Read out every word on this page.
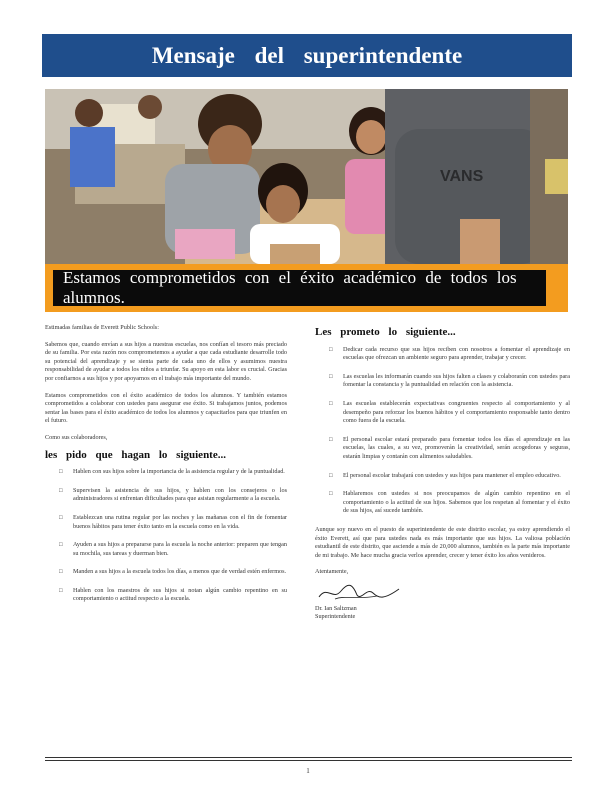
Mensaje del superintendente
VANS
Estamos comprometidos con el éxito académico de todos los alumnos.

Estimadas familias de Everett Public Schools:

Sabemos que, cuando envían a sus hijos a nuestras escuelas, nos confían el tesoro más preciado de su familia. Por esta razón nos comprometemos a ayudar a que cada estudiante desarrolle todo su potencial del aprendizaje y se sienta parte de cada uno de ellos y asumimos nuestra responsabilidad de ayudar a todos los niños a triunfar. Su apoyo en esta labor es crucial. Gracias por confiarnos a sus hijos y por apoyarnos en el trabajo más importante del mundo.

Estamos comprometidos con el éxito académico de todos los alumnos. Y también estamos comprometidos a colaborar con ustedes para asegurar ese éxito. Si trabajamos juntos, podemos sentar las bases para el éxito académico de todos los alumnos y capacitarlos para que triunfen en el futuro.

Como sus colaboradores,

les pido que hagan lo siguiente...
□ Hablen con sus hijos sobre la importancia de la asistencia regular y de la puntualidad.
□ Supervisen la asistencia de sus hijos, y hablen con los consejeros o los administradores si enfrentan dificultades para que asistan regularmente a la escuela.
□ Establezcan una rutina regular por las noches y las mañanas con el fin de fomentar buenos hábitos para tener éxito tanto en la escuela como en la vida.
□ Ayuden a sus hijos a prepararse para la escuela la noche anterior: preparen que tengan su mochila, sus tareas y duerman bien.
□ Manden a sus hijos a la escuela todos los días, a menos que de verdad estén enfermos.
□ Hablen con los maestros de sus hijos si notan algún cambio repentino en su comportamiento o actitud respecto a la escuela.
Les prometo lo siguiente...
□ Dedicar cada recurso que sus hijos reciben con nosotros a fomentar el aprendizaje en escuelas que ofrezcan un ambiente seguro para aprender, trabajar y crecer.
□ Las escuelas les informarán cuando sus hijos falten a clases y colaborarán con ustedes para fomentar la constancia y la puntualidad en relación con la asistencia.
□ Las escuelas establecerán expectativas congruentes respecto al comportamiento y al desempeño para reforzar los buenos hábitos y el comportamiento responsable tanto dentro como fuera de la escuela.
□ El personal escolar estará preparado para fomentar todos los días el aprendizaje en las escuelas, las cuales, a su vez, promoverán la creatividad, serán acogedoras y seguras, estarán limpias y contarán con alimentos saludables.
□ El personal escolar trabajará con ustedes y sus hijos para mantener el empleo educativo.
□ Hablaremos con ustedes si nos preocupamos de algún cambio repentino en el comportamiento o la actitud de sus hijos. Sabemos que los respetan al fomentar y el éxito de sus hijos, así sucede también.

Aunque soy nuevo en el puesto de superintendente de este distrito escolar, ya estoy aprendiendo el éxito Everett, así que para ustedes nada es más importante que sus hijos. La valiosa población estudiantil de este distrito, que asciende a más de 20,000 alumnos, también es la parte más importante de mi trabajo. Me hace mucha gracia verlos aprender, crecer y tener éxito los años venideros.

Atentamente,
Dr. Ian Saltzman
Superintendente
1
